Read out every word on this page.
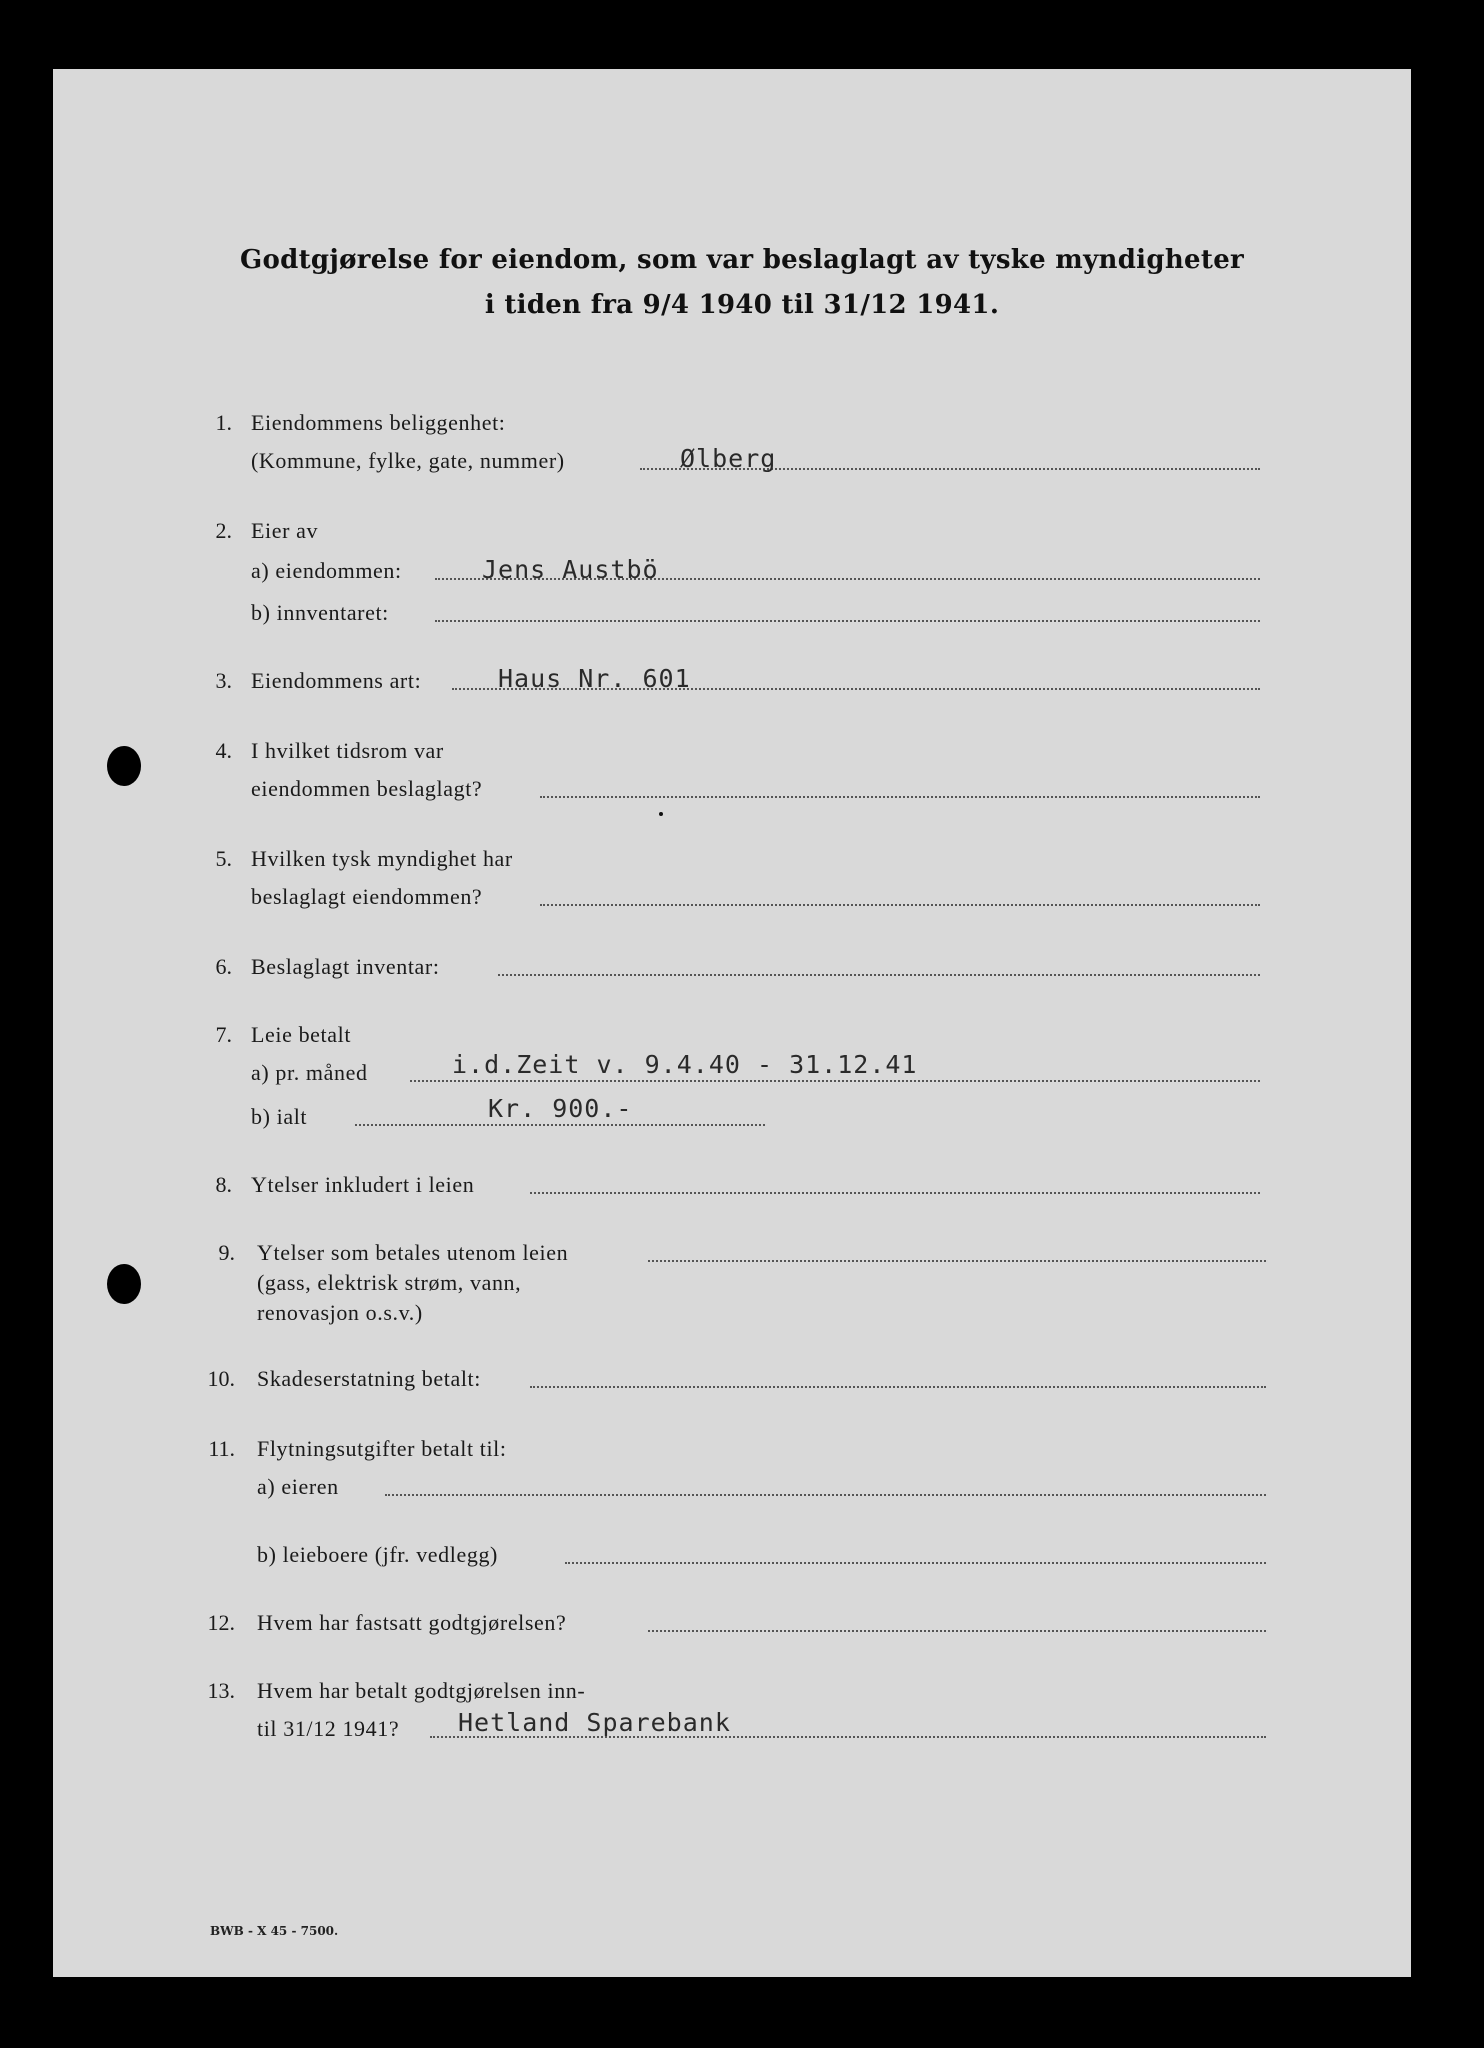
Godtgjørelse for eiendom, som var beslaglagt av tyske myndigheter
i tiden fra 9/4 1940 til 31/12 1941.
1. Eiendommens beliggenhet:
(Kommune, fylke, gate, nummer)	Ølberg
2. Eier av
a) eiendommen:	Jens Austbö
b) innventaret:
3. Eiendommens art:	Haus Nr. 601
4. I hvilket tidsrom var
eiendommen beslaglagt?
5. Hvilken tysk myndighet har
beslaglagt eiendommen?
6. Beslaglagt inventar:
7. Leie betalt
a) pr. måned	i.d.Zeit v. 9.4.40 - 31.12.41
b) ialt	Kr. 900.-
8. Ytelser inkludert i leien
9. Ytelser som betales utenom leien
(gass, elektrisk strøm, vann,
renovasjon o.s.v.)
10. Skadeserstatning betalt:
11. Flytningsutgifter betalt til:
a) eieren
b) leieboere (jfr. vedlegg)
12. Hvem har fastsatt godtgjørelsen?
13. Hvem har betalt godtgjørelsen inn-
til 31/12 1941? Hetland Sparebank
BWB - X 45 - 7500.
